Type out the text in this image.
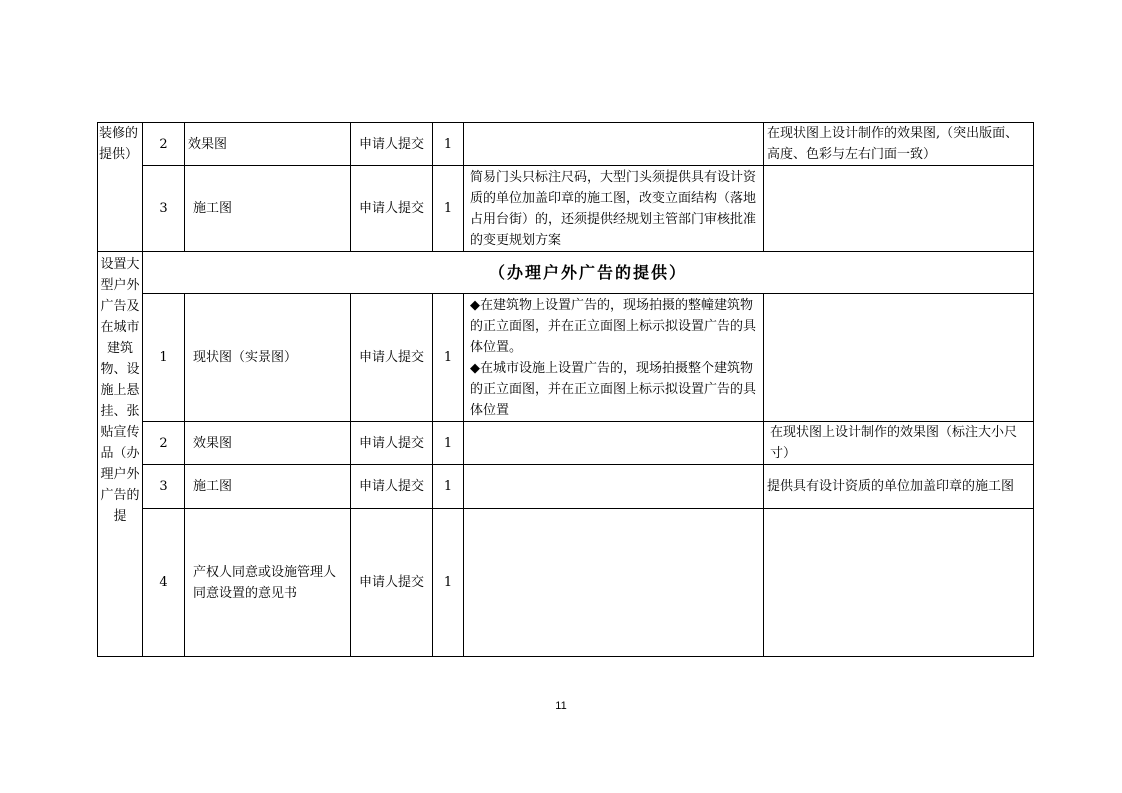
装修的提供）	2	效果图	申请人提交	1		在现状图上设计制作的效果图,（突出版面、高度、色彩与左右门面一致）
	3	施工图	申请人提交	1	简易门头只标注尺码，大型门头须提供具有设计资质的单位加盖印章的施工图，改变立面结构（落地占用台街）的，还须提供经规划主管部门审核批准的变更规划方案	
设置大型户外广告及在城市建筑物、设施上悬挂、张贴宣传品（办理户外广告的提	（办理户外广告的提供）					
	1	现状图（实景图）	申请人提交	1	◆在建筑物上设置广告的，现场拍摄的整幢建筑物的正立面图，并在正立面图上标示拟设置广告的具体位置。
◆在城市设施上设置广告的，现场拍摄整个建筑物的正立面图，并在正立面图上标示拟设置广告的具体位置	

	2	效果图	申请人提交	1		在现状图上设计制作的效果图（标注大小尺寸）
	3	施工图	申请人提交	1		提供具有设计资质的单位加盖印章的施工图
	4	产权人同意或设施管理人同意设置的意见书	申请人提交	1		
11
